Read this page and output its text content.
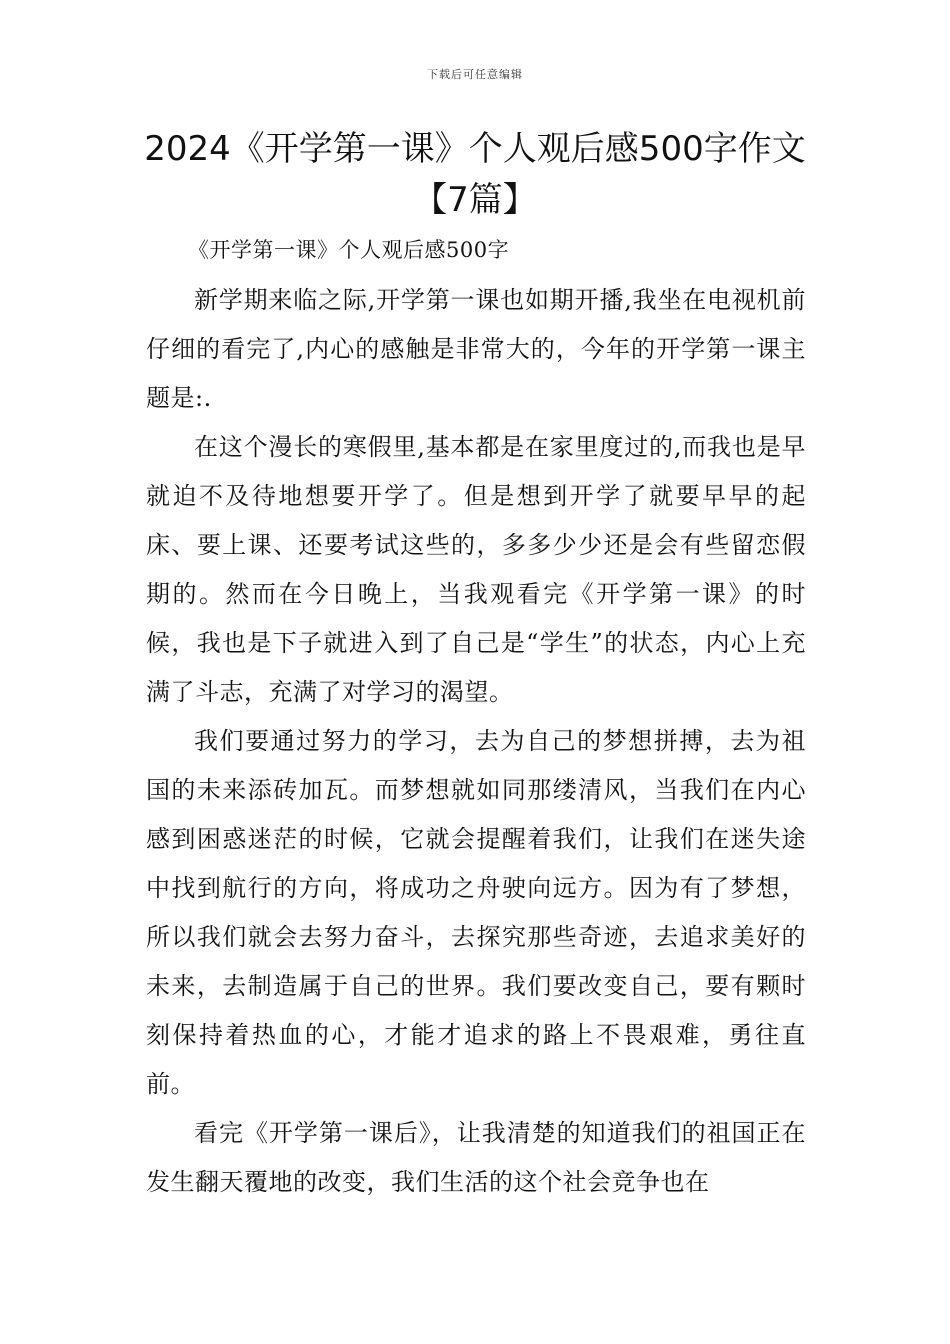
下载后可任意编辑
2024《开学第一课》个人观后感500字作文【7篇】

《开学第一课》个人观后感500字

新学期来临之际,开学第一课也如期开播,我坐在电视机前仔细的看完了,内心的感触是非常大的，今年的开学第一课主题是:.

在这个漫长的寒假里,基本都是在家里度过的,而我也是早就迫不及待地想要开学了。但是想到开学了就要早早的起床、要上课、还要考试这些的，多多少少还是会有些留恋假期的。然而在今日晚上，当我观看完《开学第一课》的时候，我也是下子就进入到了自己是“学生”的状态，内心上充满了斗志，充满了对学习的渴望。

我们要通过努力的学习，去为自己的梦想拼搏，去为祖国的未来添砖加瓦。而梦想就如同那缕清风，当我们在内心感到困惑迷茫的时候，它就会提醒着我们，让我们在迷失途中找到航行的方向，将成功之舟驶向远方。因为有了梦想，所以我们就会去努力奋斗，去探究那些奇迹，去追求美好的未来，去制造属于自己的世界。我们要改变自己，要有颗时刻保持着热血的心，才能才追求的路上不畏艰难，勇往直前。

看完《开学第一课后》，让我清楚的知道我们的祖国正在发生翻天覆地的改变，我们生活的这个社会竞争也在
